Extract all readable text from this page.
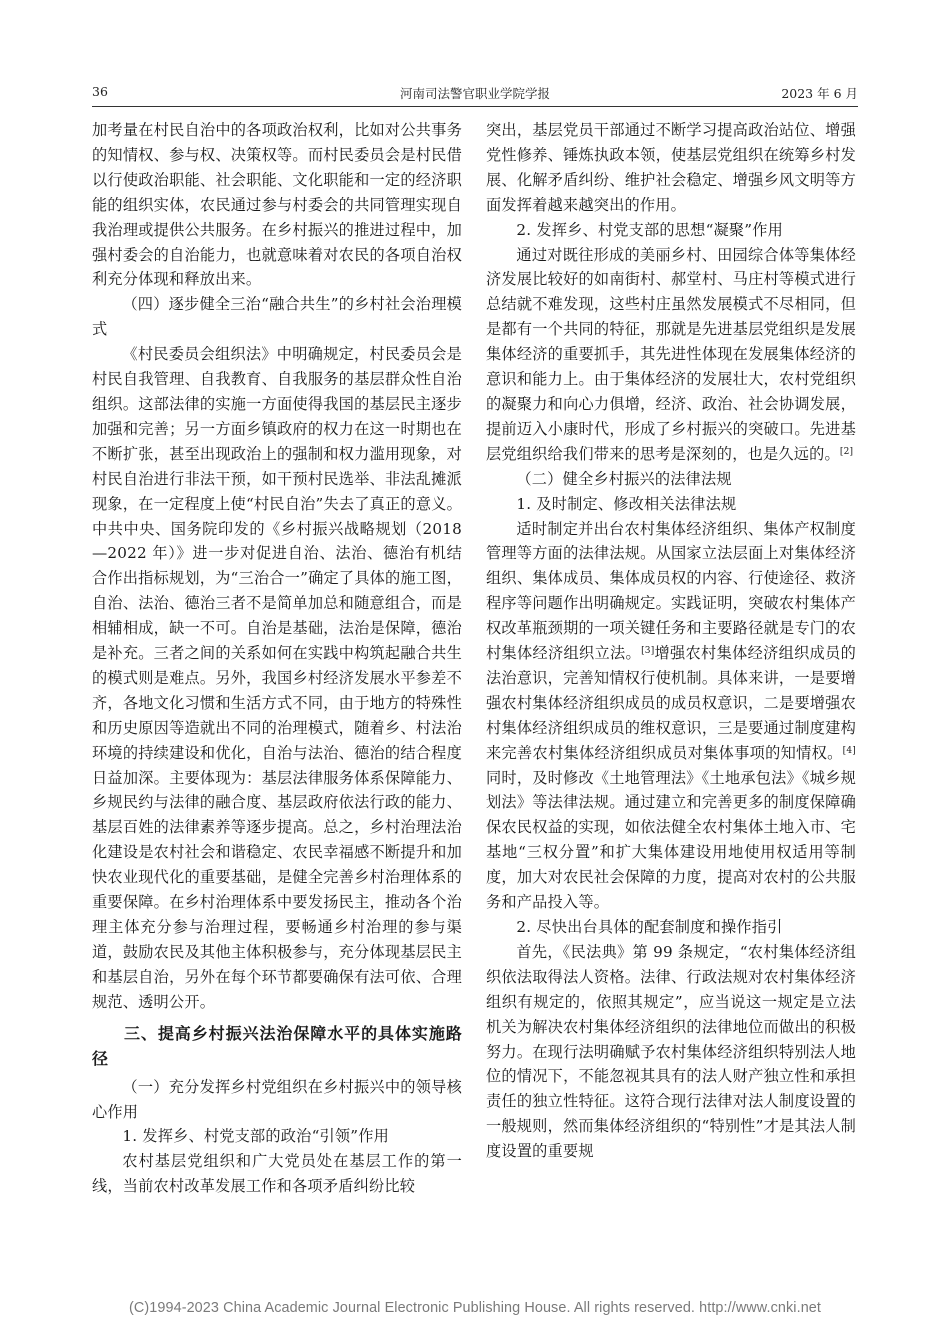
36	河南司法警官职业学院学报	2023 年 6 月

加考量在村民自治中的各项政治权利，比如对公共事务的知情权、参与权、决策权等。而村民委员会是村民借以行使政治职能、社会职能、文化职能和一定的经济职能的组织实体，农民通过参与村委会的共同管理实现自我治理或提供公共服务。在乡村振兴的推进过程中，加强村委会的自治能力，也就意味着对农民的各项自治权利充分体现和释放出来。

（四）逐步健全三治“融合共生”的乡村社会治理模式

《村民委员会组织法》中明确规定，村民委员会是村民自我管理、自我教育、自我服务的基层群众性自治组织。这部法律的实施一方面使得我国的基层民主逐步加强和完善；另一方面乡镇政府的权力在这一时期也在不断扩张，甚至出现政治上的强制和权力滥用现象，对村民自治进行非法干预，如干预村民选举、非法乱摊派现象，在一定程度上使“村民自治”失去了真正的意义。中共中央、国务院印发的《乡村振兴战略规划（2018—2022 年）》进一步对促进自治、法治、德治有机结合作出指标规划，为“三治合一”确定了具体的施工图，自治、法治、德治三者不是简单加总和随意组合，而是相辅相成，缺一不可。自治是基础，法治是保障，德治是补充。三者之间的关系如何在实践中构筑起融合共生的模式则是难点。另外，我国乡村经济发展水平参差不齐，各地文化习惯和生活方式不同，由于地方的特殊性和历史原因等造就出不同的治理模式，随着乡、村法治环境的持续建设和优化，自治与法治、德治的结合程度日益加深。主要体现为：基层法律服务体系保障能力、乡规民约与法律的融合度、基层政府依法行政的能力、基层百姓的法律素养等逐步提高。总之，乡村治理法治化建设是农村社会和谐稳定、农民幸福感不断提升和加快农业现代化的重要基础，是健全完善乡村治理体系的重要保障。在乡村治理体系中要发扬民主，推动各个治理主体充分参与治理过程，要畅通乡村治理的参与渠道，鼓励农民及其他主体积极参与，充分体现基层民主和基层自治，另外在每个环节都要确保有法可依、合理规范、透明公开。

三、提高乡村振兴法治保障水平的具体实施路径

（一）充分发挥乡村党组织在乡村振兴中的领导核心作用

1. 发挥乡、村党支部的政治“引领”作用

农村基层党组织和广大党员处在基层工作的第一线，当前农村改革发展工作和各项矛盾纠纷比较

突出，基层党员干部通过不断学习提高政治站位、增强党性修养、锤炼执政本领，使基层党组织在统筹乡村发展、化解矛盾纠纷、维护社会稳定、增强乡风文明等方面发挥着越来越突出的作用。

2. 发挥乡、村党支部的思想“凝聚”作用

通过对既往形成的美丽乡村、田园综合体等集体经济发展比较好的如南街村、郝堂村、马庄村等模式进行总结就不难发现，这些村庄虽然发展模式不尽相同，但是都有一个共同的特征，那就是先进基层党组织是发展集体经济的重要抓手，其先进性体现在发展集体经济的意识和能力上。由于集体经济的发展壮大，农村党组织的凝聚力和向心力俱增，经济、政治、社会协调发展，提前迈入小康时代，形成了乡村振兴的突破口。先进基层党组织给我们带来的思考是深刻的，也是久远的。[2]

（二）健全乡村振兴的法律法规

1. 及时制定、修改相关法律法规

适时制定并出台农村集体经济组织、集体产权制度管理等方面的法律法规。从国家立法层面上对集体经济组织、集体成员、集体成员权的内容、行使途径、救济程序等问题作出明确规定。实践证明，突破农村集体产权改革瓶颈期的一项关键任务和主要路径就是专门的农村集体经济组织立法。[3]增强农村集体经济组织成员的法治意识，完善知情权行使机制。具体来讲，一是要增强农村集体经济组织成员的成员权意识，二是要增强农村集体经济组织成员的维权意识，三是要通过制度建构来完善农村集体经济组织成员对集体事项的知情权。[4]同时，及时修改《土地管理法》《土地承包法》《城乡规划法》等法律法规。通过建立和完善更多的制度保障确保农民权益的实现，如依法健全农村集体土地入市、宅基地“三权分置”和扩大集体建设用地使用权适用等制度，加大对农民社会保障的力度，提高对农村的公共服务和产品投入等。

2. 尽快出台具体的配套制度和操作指引

首先，《民法典》第 99 条规定，“农村集体经济组织依法取得法人资格。法律、行政法规对农村集体经济组织有规定的，依照其规定”，应当说这一规定是立法机关为解决农村集体经济组织的法律地位而做出的积极努力。在现行法明确赋予农村集体经济组织特别法人地位的情况下，不能忽视其具有的法人财产独立性和承担责任的独立性特征。这符合现行法律对法人制度设置的一般规则，然而集体经济组织的“特别性”才是其法人制度设置的重要规

(C)1994-2023 China Academic Journal Electronic Publishing House. All rights reserved. http://www.cnki.net
